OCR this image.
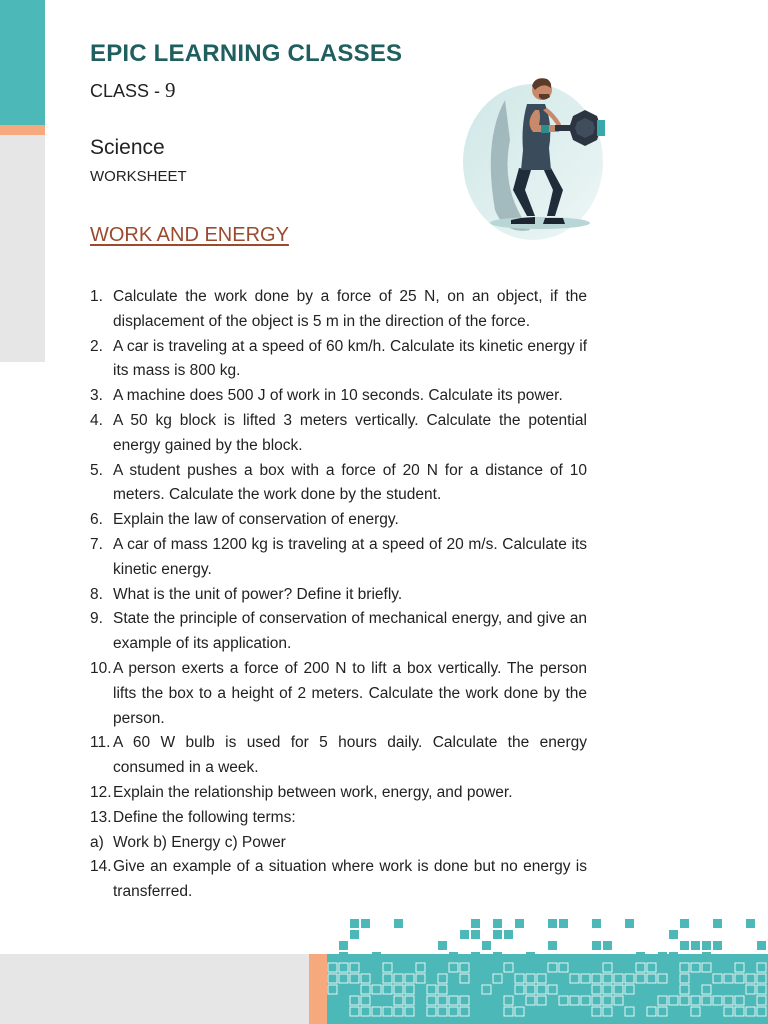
EPIC LEARNING CLASSES
CLASS - 9
Science
WORKSHEET
WORK AND ENERGY
1. Calculate the work done by a force of 25 N, on an object, if the displacement of the object is 5 m in the direction of the force.
2. A car is traveling at a speed of 60 km/h. Calculate its kinetic energy if its mass is 800 kg.
3. A machine does 500 J of work in 10 seconds. Calculate its power.
4. A 50 kg block is lifted 3 meters vertically. Calculate the potential energy gained by the block.
5. A student pushes a box with a force of 20 N for a distance of 10 meters. Calculate the work done by the student.
6. Explain the law of conservation of energy.
7. A car of mass 1200 kg is traveling at a speed of 20 m/s. Calculate its kinetic energy.
8. What is the unit of power? Define it briefly.
9. State the principle of conservation of mechanical energy, and give an example of its application.
10. A person exerts a force of 200 N to lift a box vertically. The person lifts the box to a height of 2 meters. Calculate the work done by the person.
11. A 60 W bulb is used for 5 hours daily. Calculate the energy consumed in a week.
12. Explain the relationship between work, energy, and power.
13. Define the following terms:
a) Work b) Energy c) Power
14. Give an example of a situation where work is done but no energy is transferred.
